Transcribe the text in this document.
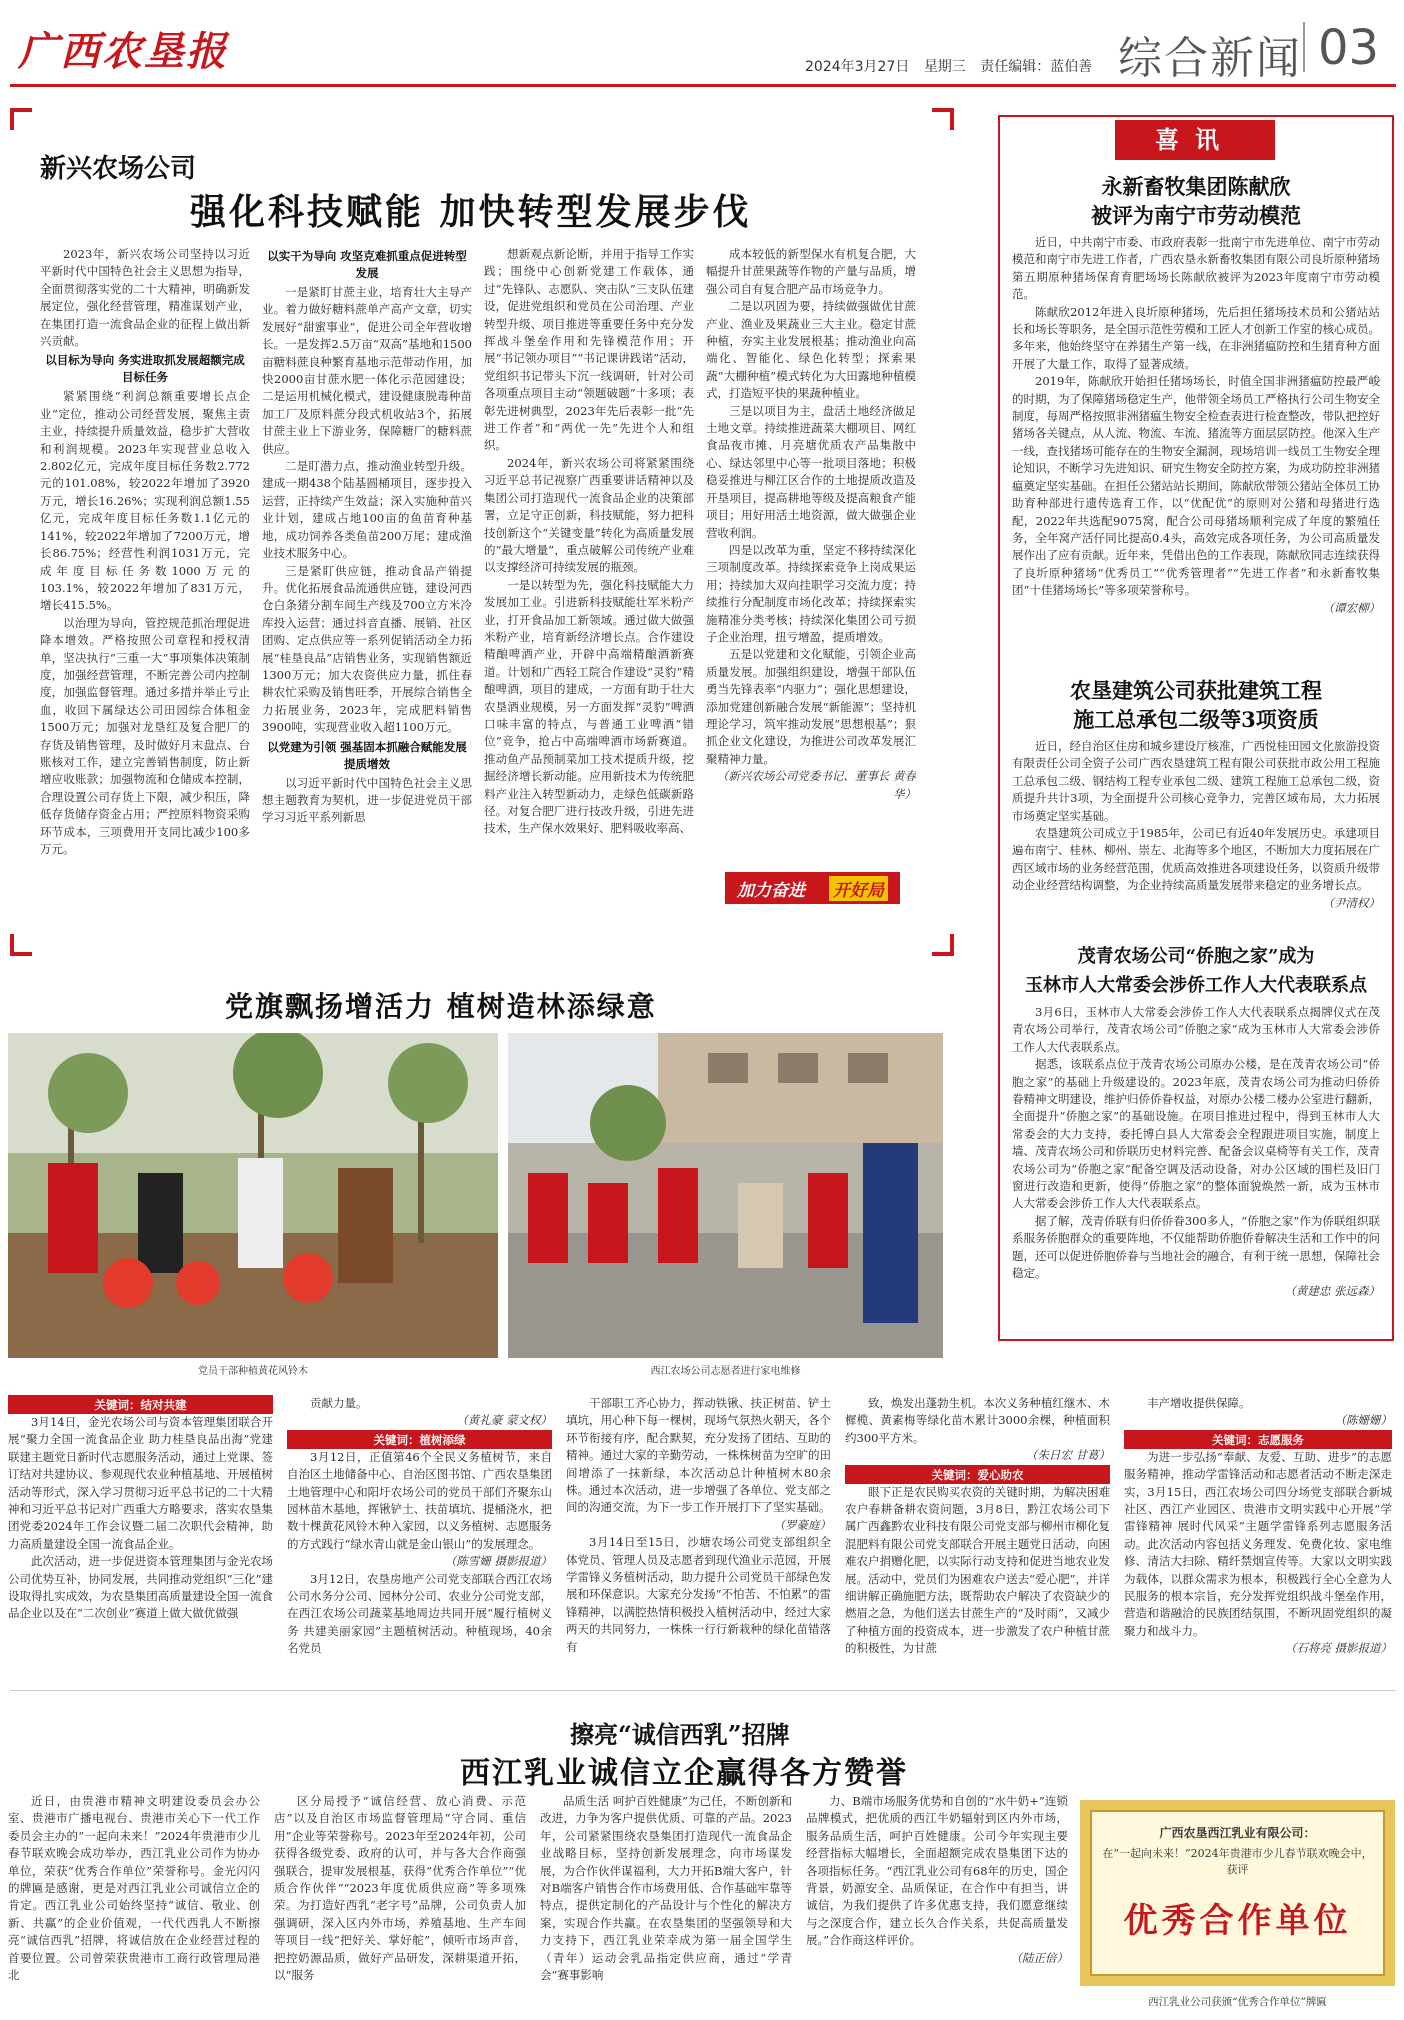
广西农垦报	2024年3月27日 星期三 责任编辑：蓝伯善 综合新闻 03
新兴农场公司
强化科技赋能 加快转型发展步伐

2023年，新兴农场公司坚持以习近平新时代中国特色社会主义思想为指导，全面贯彻落实党的二十大精神，明确新发展定位，强化经营管理，精准谋划产业，在集团打造一流食品企业的征程上做出新兴贡献。

以目标为导向 务实进取抓发展超额完成目标任务

紧紧围绕“利润总额重要增长点企业”定位，推动公司经营发展，聚焦主责主业，持续提升质量效益，稳步扩大营收和利润规模。2023年实现营业总收入2.802亿元，完成年度目标任务数2.772元的101.08%，较2022年增加了3920万元，增长16.26%；实现利润总额1.55亿元，完成年度目标任务数1.1亿元的141%，较2022年增加了7200万元，增长86.75%；经营性利润1031万元，完成年度目标任务数1000万元的103.1%，较2022年增加了831万元，增长415.5%。

以治理为导向，管控规范抓治理促进降本增效。严格按照公司章程和授权清单，坚决执行“三重一大”事项集体决策制度，加强经营管理，不断完善公司内控制度，加强监督管理。通过多措并举止亏止血，收回下属绿达公司田园综合体租金1500万元；加强对龙垦红及复合肥厂的存货及销售管理，及时做好月末盘点、台账核对工作，建立完善销售制度，防止新增应收账款；加强物流和仓储成本控制，合理设置公司存货上下限，减少积压，降低存货储存资金占用；严控原料物资采购环节成本，三项费用开支同比减少100多万元。

以实干为导向 攻坚克难抓重点促进转型发展

一是紧盯甘蔗主业，培育壮大主导产业。着力做好糖料蔗单产高产文章，切实发展好“甜蜜事业”，促进公司全年营收增长。一是发挥2.5万亩“双高”基地和1500亩糖料蔗良种繁育基地示范带动作用，加快2000亩甘蔗水肥一体化示范园建设；二是运用机械化模式，建设健康脱毒种苗加工厂及原料蔗分段式机收站3个，拓展甘蔗主业上下游业务，保障糖厂的糖料蔗供应。

二是盯潜力点，推动渔业转型升级。建成一期438个陆基圆桶项目，逐步投入运营，正持续产生效益；深入实施种苗兴业计划，建成占地100亩的鱼苗育种基地，成功饲养各类鱼苗200万尾；建成渔业技术服务中心。

三是紧盯供应链，推动食品产销提升。优化拓展食品流通供应链，建设河西仓白条猪分割车间生产线及700立方米冷库投入运营；通过抖音直播、展销、社区团购、定点供应等一系列促销活动全力拓展“桂垦良品”店销售业务，实现销售额近1300万元；加大农资供应力量，抓住春耕农忙采购及销售旺季，开展综合销售全力拓展业务，2023年，完成肥料销售3900吨，实现营业收入超1100万元。

以党建为引领 强基固本抓融合赋能发展提质增效

以习近平新时代中国特色社会主义思想主题教育为契机，进一步促进党员干部学习习近平系列新思

想新观点新论断，并用于指导工作实践；围绕中心创新党建工作载体，通过“先锋队、志愿队、突击队”三支队伍建设，促进党组织和党员在公司治理、产业转型升级、项目推进等重要任务中充分发挥战斗堡垒作用和先锋模范作用；开展“书记领办项目”“书记课讲践诺”活动，党组织书记带头下沉一线调研，针对公司各项重点项目主动“领题破题”十多项；表彰先进树典型，2023年先后表彰一批“先进工作者”和“两优一先”先进个人和组织。

2024年，新兴农场公司将紧紧围绕习近平总书记视察广西重要讲话精神以及集团公司打造现代一流食品企业的决策部署，立足守正创新，科技赋能，努力把科技创新这个“关键变量”转化为高质量发展的“最大增量”，重点破解公司传统产业难以支撑经济可持续发展的瓶颈。

一是以转型为先，强化科技赋能大力发展加工业。引进新科技赋能壮军米粉产业，打开食品加工新领域。通过做大做强米粉产业，培育新经济增长点。合作建设精酿啤酒产业，开辟中高端精酿酒新赛道。计划和广西轻工院合作建设“灵豹”精酿啤酒，项目的建成，一方面有助于壮大农垦酒业规模，另一方面发挥“灵豹”啤酒口味丰富的特点，与普通工业啤酒“错位”竞争，抢占中高端啤酒市场新赛道。推动鱼产品预制菜加工技术提质升级，挖掘经济增长新动能。应用新技术为传统肥料产业注入转型新动力，走绿色低碳新路径。对复合肥厂进行技改升级，引进先进技术，生产保水效果好、肥料吸收率高、

成本较低的新型保水有机复合肥，大幅提升甘蔗果蔬等作物的产量与品质，增强公司自有复合肥产品市场竞争力。

二是以巩固为要，持续做强做优甘蔗产业、渔业及果蔬业三大主业。稳定甘蔗种植，夯实主业发展根基；推动渔业向高端化、智能化、绿色化转型；探索果蔬“大棚种植”模式转化为大田露地种植模式，打造短平快的果蔬种植业。

三是以项目为主，盘活土地经济做足土地文章。持续推进蔬菜大棚项目、网红食品夜市摊、月亮塘优质农产品集散中心、绿达邻里中心等一批项目落地；积极稳妥推进与柳江区合作的土地提质改造及开垦项目，提高耕地等级及提高粮食产能项目；用好用活土地资源，做大做强企业营收利润。

四是以改革为重，坚定不移持续深化三项制度改革。持续探索竞争上岗成果运用；持续加大双向挂职学习交流力度；持续推行分配制度市场化改革；持续探索实施精准分类考核；持续深化集团公司亏损子企业治理，扭亏增盈，提质增效。

五是以党建和文化赋能，引领企业高质量发展。加强组织建设，增强干部队伍勇当先锋表率“内驱力”；强化思想建设，添加党建创新融合发展“新能源”；坚持机理论学习，筑牢推动发展“思想根基”；狠抓企业文化建设，为推进公司改革发展汇聚精神力量。

（新兴农场公司党委书记、董事长 黄春华）
加力奋进 开好局
喜讯
永新畜牧集团陈献欣
被评为南宁市劳动模范

近日，中共南宁市委、市政府表彰一批南宁市先进单位、南宁市劳动模范和南宁市先进工作者，广西农垦永新畜牧集团有限公司良圻原种猪场第五期原种猪场保育育肥场场长陈献欣被评为2023年度南宁市劳动模范。

陈献欣2012年进入良圻原种猪场，先后担任猪场技术员和公猪站站长和场长等职务，是全国示范性劳模和工匠人才创新工作室的核心成员。多年来，他始终坚守在养猪生产第一线，在非洲猪瘟防控和生猪育种方面开展了大量工作，取得了显著成绩。

2019年，陈献欣开始担任猪场场长，时值全国非洲猪瘟防控最严峻的时期，为了保障猪场稳定生产，他带领全场员工严格执行公司生物安全制度，每周严格按照非洲猪瘟生物安全检查表进行检查整改，带队把控好猪场各关键点，从人流、物流、车流、猪流等方面层层防控。他深入生产一线，查找猪场可能存在的生物安全漏洞，现场培训一线员工生物安全理论知识，不断学习先进知识、研究生物安全防控方案，为成功防控非洲猪瘟奠定坚实基础。在担任公猪站站长期间，陈献欣带领公猪站全体员工协助育种部进行遗传选育工作，以“优配优”的原则对公猪和母猪进行选配，2022年共选配9075窝，配合公司母猪场顺利完成了年度的繁殖任务，全年窝产活仔同比提高0.4头，高效完成各项任务，为公司高质量发展作出了应有贡献。近年来，凭借出色的工作表现，陈献欣同志连续获得了良圻原种猪场“优秀员工”“优秀管理者”“先进工作者”和永新畜牧集团“十佳猪场场长”等多项荣誉称号。

（谭宏柳）
农垦建筑公司获批建筑工程
施工总承包二级等3项资质

近日，经自治区住房和城乡建设厅核准，广西悦桂田园文化旅游投资有限责任公司全资子公司广西农垦建筑工程有限公司获批市政公用工程施工总承包二级、钢结构工程专业承包二级、建筑工程施工总承包二级，资质提升共计3项，为全面提升公司核心竞争力，完善区域布局，大力拓展市场奠定坚实基础。

农垦建筑公司成立于1985年，公司已有近40年发展历史。承建项目遍布南宁、桂林、柳州、崇左、北海等多个地区，不断加大力度拓展在广西区域市场的业务经营范围，优质高效推进各项建设任务，以资质升级带动企业经营结构调整，为企业持续高质量发展带来稳定的业务增长点。

（尹清权）
茂青农场公司“侨胞之家”成为
玉林市人大常委会涉侨工作人大代表联系点

3月6日，玉林市人大常委会涉侨工作人大代表联系点揭牌仪式在茂青农场公司举行，茂青农场公司“侨胞之家”成为玉林市人大常委会涉侨工作人大代表联系点。

据悉，该联系点位于茂青农场公司原办公楼，是在茂青农场公司“侨胞之家”的基础上升级建设的。2023年底，茂青农场公司为推动归侨侨眷精神文明建设，维护归侨侨眷权益，对原办公楼二楼办公室进行翻新，全面提升“侨胞之家”的基础设施。在项目推进过程中，得到玉林市人大常委会的大力支持，委托博白县人大常委会全程跟进项目实施，制度上墙、茂青农场公司和侨联历史材料完善、配备会议桌椅等有关工作，茂青农场公司为“侨胞之家”配备空调及活动设备，对办公区域的围栏及旧门窗进行改造和更新，使得“侨胞之家”的整体面貌焕然一新，成为玉林市人大常委会涉侨工作人大代表联系点。

据了解，茂青侨联有归侨侨眷300多人，“侨胞之家”作为侨联组织联系服务侨胞群众的重要阵地，不仅能帮助侨胞侨眷解决生活和工作中的问题，还可以促进侨胞侨眷与当地社会的融合，有利于统一思想，保障社会稳定。

（黄建忠 张远森）
党旗飘扬增活力 植树造林添绿意
党员干部种植黄花风铃木	西江农场公司志愿者进行家电维修
关键词：结对共建

3月14日，金光农场公司与资本管理集团联合开展“聚力全国一流食品企业 助力桂垦良品出海”党建联建主题党日新时代志愿服务活动，通过上党课、签订结对共建协议、参观现代农业种植基地、开展植树活动等形式，深入学习贯彻习近平总书记的二十大精神和习近平总书记对广西重大方略要求，落实农垦集团党委2024年工作会议暨二届二次职代会精神，助力高质量建设全国一流食品企业。

此次活动，进一步促进资本管理集团与金光农场公司优势互补，协同发展，共同推动党组织“三化”建设取得扎实成效，为农垦集团高质量建设全国一流食品企业以及在“二次创业”赛道上做大做优做强

贡献力量。

（黄礼豪 蒙文权）
关键词：植树添绿

3月12日，正值第46个全民义务植树节，来自自治区土地储备中心、自治区图书馆、广西农垦集团土地管理中心和阳圩农场公司的党员干部们齐聚东山园林苗木基地，挥锹铲土、扶苗填坑、提桶浇水，把数十棵黄花风铃木种入家园，以义务植树、志愿服务的方式践行“绿水青山就是金山银山”的发展理念。

（陈雪姗 摄影报道）

3月12日，农垦房地产公司党支部联合西江农场公司水务分公司、园林分公司、农业分公司党支部，在西江农场公司蔬菜基地周边共同开展“履行植树义务 共建美丽家园”主题植树活动。种植现场，40余名党员

干部职工齐心协力，挥动铁锹、扶正树苗、铲土填坑，用心种下每一棵树，现场气氛热火朝天，各个环节衔接有序，配合默契，充分发扬了团结、互助的精神。通过大家的辛勤劳动，一株株树苗为空旷的田间增添了一抹新绿，本次活动总计种植树木80余株。通过本次活动，进一步增强了各单位、党支部之间的沟通交流，为下一步工作开展打下了坚实基础。

（罗豪庭）

3月14日至15日，沙塘农场公司党支部组织全体党员、管理人员及志愿者到现代渔业示范园，开展学雷锋义务植树活动，助力提升公司党员干部绿色发展和环保意识。大家充分发扬“不怕苦、不怕累”的雷锋精神，以满腔热情积极投入植树活动中，经过大家两天的共同努力，一株株一行行新栽种的绿化苗错落有

致，焕发出蓬勃生机。本次义务种植红继木、木樨榄、黄素梅等绿化苗木累计3000余棵，种植面积约300平方米。

（朱日宏 甘葛）
关键词：爱心助农

眼下正是农民购买农资的关键时期，为解决困难农户春耕备耕农资问题，3月8日，黔江农场公司下属广西鑫黔农业科技有限公司党支部与柳州市柳化复混肥料有限公司党支部联合开展主题党日活动，向困难农户捐赠化肥，以实际行动支持和促进当地农业发展。活动中，党员们为困难农户送去“爱心肥”，并详细讲解正确施肥方法，既帮助农户解决了农资缺少的燃眉之急，为他们送去甘蔗生产的“及时雨”，又减少了种植方面的投资成本，进一步激发了农户种植甘蔗的积极性，为甘蔗

丰产增收提供保障。

（陈姗姗）
关键词：志愿服务

为进一步弘扬“奉献、友爱、互助、进步”的志愿服务精神，推动学雷锋活动和志愿者活动不断走深走实，3月15日，西江农场公司四分场党支部联合新城社区、西江产业园区、贵港市文明实践中心开展“学雷锋精神 展时代风采”主题学雷锋系列志愿服务活动。此次活动内容包括义务理发、免费化妆、家电维修、清洁大扫除、精纤禁烟宣传等。大家以文明实践为载体，以群众需求为根本，积极践行全心全意为人民服务的根本宗旨，充分发挥党组织战斗堡垒作用，营造和谐融洽的民族团结氛围，不断巩固党组织的凝聚力和战斗力。

（石将亮 摄影报道）
擦亮“诚信西乳”招牌
西江乳业诚信立企赢得各方赞誉

近日，由贵港市精神文明建设委员会办公室、贵港市广播电视台、贵港市关心下一代工作委员会主办的“一起向未来！”2024年贵港市少儿春节联欢晚会成功举办，西江乳业公司作为协办单位，荣获“优秀合作单位”荣誉称号。金光闪闪的牌匾是感谢，更是对西江乳业公司诚信立企的肯定。西江乳业公司始终坚持“诚信、敬业、创新、共赢”的企业价值观，一代代西乳人不断擦亮“诚信西乳”招牌，将诚信放在企业经营过程的首要位置。公司曾荣获贵港市工商行政管理局港北

区分局授予“诚信经营、放心消费、示范店”以及自治区市场监督管理局“守合同、重信用”企业等荣誉称号。2023年至2024年初，公司获得各级党委、政府的认可，并与各大合作商强强联合，提审发展根基，获得“优秀合作单位”“优质合作伙伴”“2023年度优质供应商”等多项殊荣。为打造好西乳“老字号”品牌，公司负责人加强调研，深入区内外市场，养殖基地、生产车间等项目一线“把好关、掌好舵”，倾听市场声音，把控奶源品质，做好产品研发，深耕渠道开拓，以“服务

品质生活 呵护百姓健康”为己任，不断创新和改进，力争为客户提供优质、可靠的产品。2023年，公司紧紧围绕农垦集团打造现代一流食品企业战略目标，坚持创新发展理念，向市场谋发展，为合作伙伴谋福利，大力开拓B端大客户，针对B端客户销售合作市场费用低、合作基础牢靠等特点，提供定制化的产品设计与个性化的解决方案，实现合作共赢。在农垦集团的坚强领导和大力支持下，西江乳业荣幸成为第一届全国学生（青年）运动会乳品指定供应商，通过“学青会”赛事影响

力、B端市场服务优势和自创的“水牛奶+”连锁品牌模式，把优质的西江牛奶辐射到区内外市场，服务品质生活，呵护百姓健康。公司今年实现主要经营指标大幅增长，全面超额完成农垦集团下达的各项指标任务。“西江乳业公司有68年的历史，国企背景，奶源安全、品质保证，在合作中有担当，讲诚信，为我们提供了许多优惠支持，我们愿意继续与之深度合作，建立长久合作关系，共促高质量发展。”合作商这样评价。

（陆正倍）
广西农垦西江乳业有限公司：
在“一起向未来！”2024年贵港市少儿春节联欢晚会中，获评
优秀合作单位
西江乳业公司获颁“优秀合作单位”牌匾
